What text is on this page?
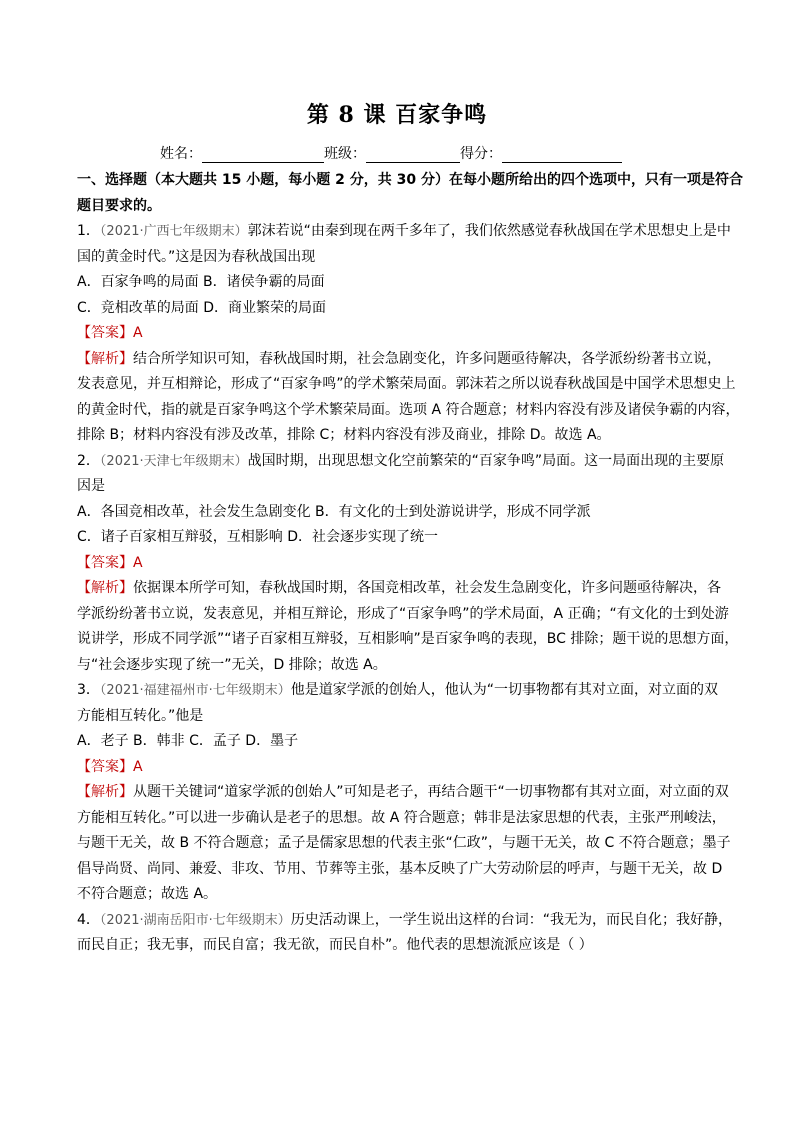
第 8 课 百家争鸣
姓名：	班级：	得分：
一、选择题（本大题共 15 小题，每小题 2 分，共 30 分）在每小题所给出的四个选项中，只有一项是符合
题目要求的。
1．（2021·广西七年级期末）郭沫若说“由秦到现在两千多年了，我们依然感觉春秋战国在学术思想史上是中
国的黄金时代。”这是因为春秋战国出现
A．百家争鸣的局面 B．诸侯争霸的局面
C．竞相改革的局面 D．商业繁荣的局面
【答案】A
【解析】结合所学知识可知，春秋战国时期，社会急剧变化，许多问题亟待解决，各学派纷纷著书立说，
发表意见，并互相辩论，形成了“百家争鸣”的学术繁荣局面。郭沫若之所以说春秋战国是中国学术思想史上
的黄金时代，指的就是百家争鸣这个学术繁荣局面。选项 A 符合题意；材料内容没有涉及诸侯争霸的内容，
排除 B；材料内容没有涉及改革，排除 C；材料内容没有涉及商业，排除 D。故选 A。
2．（2021·天津七年级期末）战国时期，出现思想文化空前繁荣的“百家争鸣”局面。这一局面出现的主要原
因是
A．各国竞相改革，社会发生急剧变化 B．有文化的士到处游说讲学，形成不同学派
C．诸子百家相互辩驳，互相影响 D．社会逐步实现了统一
【答案】A
【解析】依据课本所学可知，春秋战国时期，各国竞相改革，社会发生急剧变化，许多问题亟待解决，各
学派纷纷著书立说，发表意见，并相互辩论，形成了“百家争鸣”的学术局面，A 正确；“有文化的士到处游
说讲学，形成不同学派”“诸子百家相互辩驳，互相影响”是百家争鸣的表现，BC 排除；题干说的思想方面，
与“社会逐步实现了统一”无关，D 排除；故选 A。
3．（2021·福建福州市·七年级期末）他是道家学派的创始人，他认为“一切事物都有其对立面，对立面的双
方能相互转化。”他是
A．老子 B．韩非 C．孟子 D．墨子
【答案】A
【解析】从题干关键词“道家学派的创始人”可知是老子，再结合题干“一切事物都有其对立面，对立面的双
方能相互转化。”可以进一步确认是老子的思想。故 A 符合题意；韩非是法家思想的代表，主张严刑峻法，
与题干无关，故 B 不符合题意；孟子是儒家思想的代表主张“仁政”，与题干无关，故 C 不符合题意；墨子
倡导尚贤、尚同、兼爱、非攻、节用、节葬等主张，基本反映了广大劳动阶层的呼声，与题干无关，故 D
不符合题意；故选 A。
4．（2021·湖南岳阳市·七年级期末）历史活动课上，一学生说出这样的台词：“我无为，而民自化；我好静，
而民自正；我无事，而民自富；我无欲，而民自朴”。他代表的思想流派应该是（ ）
